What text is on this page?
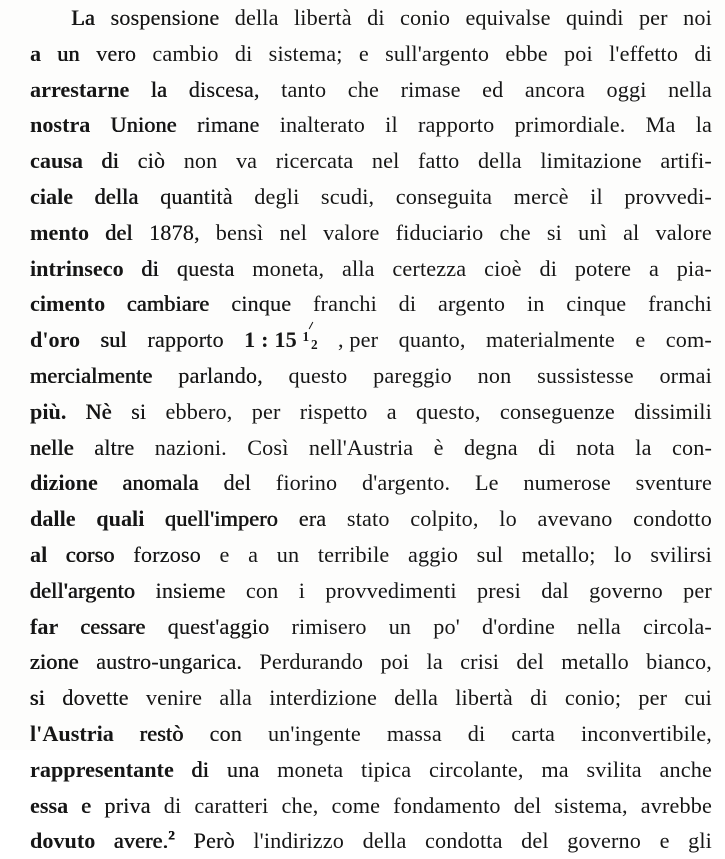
La sospensione della libertà di conio equivalse quindi per noi
a un vero cambio di sistema; e sull'argento ebbe poi l'effetto di
arrestarne la discesa, tanto che rimase ed ancora oggi nella
nostra Unione rimane inalterato il rapporto primordiale. Ma la
causa di ciò non va ricercata nel fatto della limitazione artifi-
ciale della quantità degli scudi, conseguita mercè il provvedi-
mento del 1878, bensì nel valore fiduciario che si unì al valore
intrinseco di questa moneta, alla certezza cioè di potere a pia-
cimento cambiare cinque franchi di argento in cinque franchi
d'oro sul rapporto 1 : 15 1
2 , per quanto, materialmente e com-
mercialmente parlando, questo pareggio non sussistesse ormai
più. Nè si ebbero, per rispetto a questo, conseguenze dissimili
nelle altre nazioni. Così nell'Austria è degna di nota la con-
dizione anomala del fiorino d'argento. Le numerose sventure
dalle quali quell'impero era stato colpito, lo avevano condotto
al corso forzoso e a un terribile aggio sul metallo; lo svilirsi
dell'argento insieme con i provvedimenti presi dal governo per
far cessare quest'aggio rimisero un po' d'ordine nella circola-
zione austro-ungarica. Perdurando poi la crisi del metallo bianco,
si dovette venire alla interdizione della libertà di conio; per cui
l'Austria restò con un'ingente massa di carta inconvertibile,
rappresentante di una moneta tipica circolante, ma svilita anche
essa e priva di caratteri che, come fondamento del sistema, avrebbe
dovuto avere.$^2$ Però l'indirizzo della condotta del governo e gli
